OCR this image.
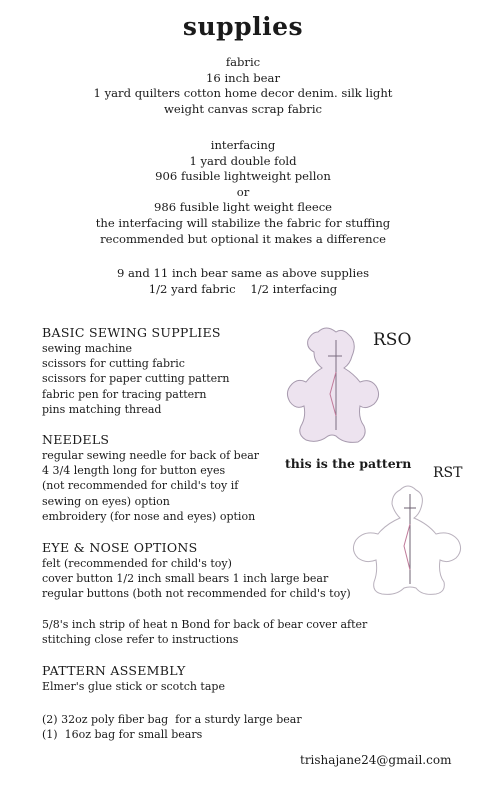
supplies
fabric
16 inch bear
1 yard quilters cotton home decor denim. silk light
weight canvas scrap fabric
interfacing
1 yard double fold
906 fusible lightweight pellon
or
986 fusible light weight fleece
the interfacing will stabilize the fabric for stuffing
recommended but optional it makes a difference
9 and 11 inch bear same as above supplies
1/2 yard fabric    1/2 interfacing
BASIC SEWING SUPPLIES
sewing machine
scissors for cutting fabric
scissors for paper cutting pattern
fabric pen for tracing pattern
pins matching thread
NEEDELS
regular sewing needle for back of bear
4 3/4 length long for button eyes
(not recommended for child's toy if
sewing on eyes) option
embroidery (for nose and eyes) option
EYE & NOSE OPTIONS
felt (recommended for child's toy)
cover button 1/2 inch small bears 1 inch large bear
regular buttons (both not recommended for child's toy)
5/8's inch strip of heat n Bond for back of bear cover after
stitching close refer to instructions
PATTERN ASSEMBLY
Elmer's glue stick or scotch tape
(2) 32oz poly fiber bag  for a sturdy large bear
(1)  16oz bag for small bears
RSO
this is the pattern
RST
trishajane24@gmail.com
